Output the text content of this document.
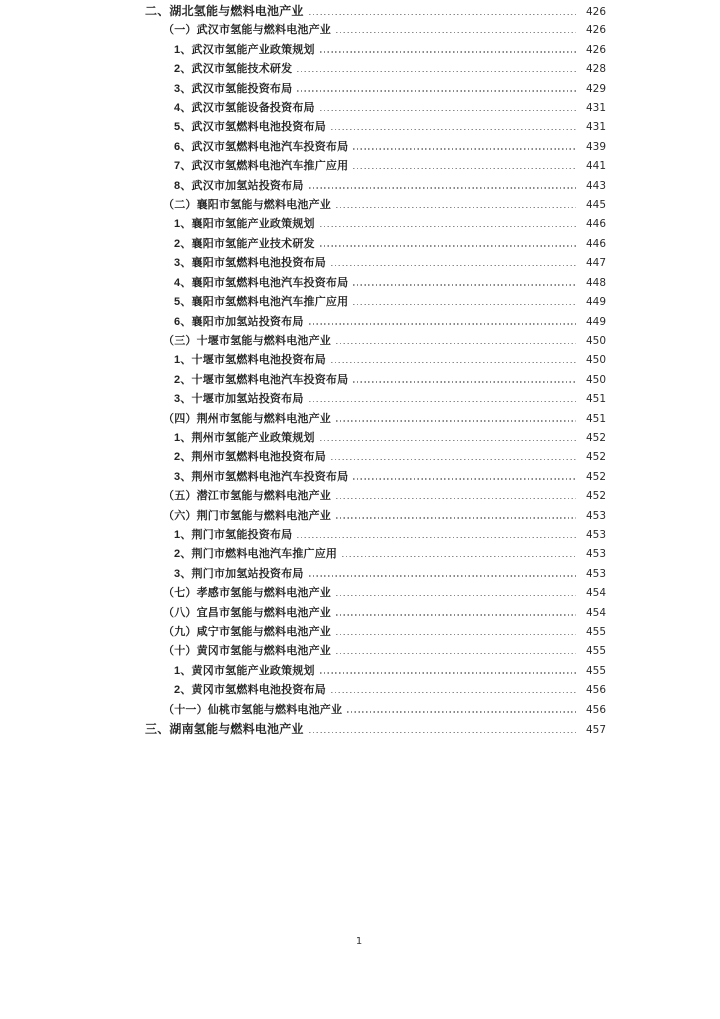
二、湖北氢能与燃料电池产业	426
（一）武汉市氢能与燃料电池产业	426
1、武汉市氢能产业政策规划	426
2、武汉市氢能技术研发	428
3、武汉市氢能投资布局	429
4、武汉市氢能设备投资布局	431
5、武汉市氢燃料电池投资布局	431
6、武汉市氢燃料电池汽车投资布局	439
7、武汉市氢燃料电池汽车推广应用	441
8、武汉市加氢站投资布局	443
（二）襄阳市氢能与燃料电池产业	445
1、襄阳市氢能产业政策规划	446
2、襄阳市氢能产业技术研发	446
3、襄阳市氢燃料电池投资布局	447
4、襄阳市氢燃料电池汽车投资布局	448
5、襄阳市氢燃料电池汽车推广应用	449
6、襄阳市加氢站投资布局	449
（三）十堰市氢能与燃料电池产业	450
1、十堰市氢燃料电池投资布局	450
2、十堰市氢燃料电池汽车投资布局	450
3、十堰市加氢站投资布局	451
（四）荆州市氢能与燃料电池产业	451
1、荆州市氢能产业政策规划	452
2、荆州市氢燃料电池投资布局	452
3、荆州市氢燃料电池汽车投资布局	452
（五）潜江市氢能与燃料电池产业	452
（六）荆门市氢能与燃料电池产业	453
1、荆门市氢能投资布局	453
2、荆门市燃料电池汽车推广应用	453
3、荆门市加氢站投资布局	453
（七）孝感市氢能与燃料电池产业	454
（八）宜昌市氢能与燃料电池产业	454
（九）咸宁市氢能与燃料电池产业	455
（十）黄冈市氢能与燃料电池产业	455
1、黄冈市氢能产业政策规划	455
2、黄冈市氢燃料电池投资布局	456
（十一）仙桃市氢能与燃料电池产业	456
三、湖南氢能与燃料电池产业	457
1
